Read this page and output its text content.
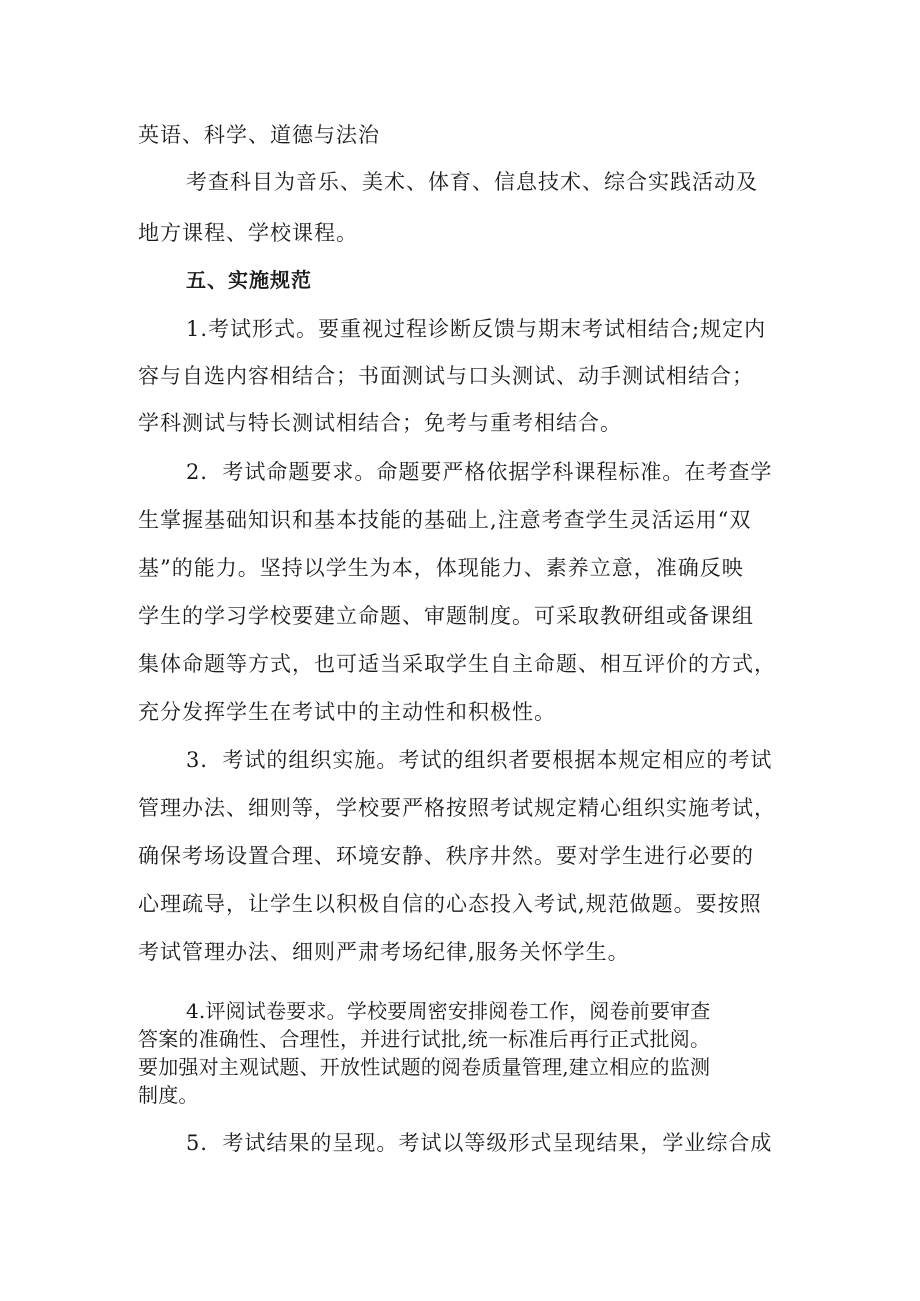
英语、科学、道德与法治
考查科目为音乐、美术、体育、信息技术、综合实践活动及
地方课程、学校课程。
五、实施规范
1.考试形式。要重视过程诊断反馈与期末考试相结合;规定内
容与自选内容相结合；书面测试与口头测试、动手测试相结合；
学科测试与特长测试相结合；免考与重考相结合。
2．考试命题要求。命题要严格依据学科课程标准。在考查学
生掌握基础知识和基本技能的基础上,注意考查学生灵活运用“双
基”的能力。坚持以学生为本，体现能力、素养立意，准确反映
学生的学习学校要建立命题、审题制度。可采取教研组或备课组
集体命题等方式，也可适当采取学生自主命题、相互评价的方式，
充分发挥学生在考试中的主动性和积极性。
3．考试的组织实施。考试的组织者要根据本规定相应的考试
管理办法、细则等，学校要严格按照考试规定精心组织实施考试，
确保考场设置合理、环境安静、秩序井然。要对学生进行必要的
心理疏导，让学生以积极自信的心态投入考试,规范做题。要按照
考试管理办法、细则严肃考场纪律,服务关怀学生。
4.评阅试卷要求。学校要周密安排阅卷工作，阅卷前要审查
答案的准确性、合理性，并进行试批,统一标准后再行正式批阅。
要加强对主观试题、开放性试题的阅卷质量管理,建立相应的监测
制度。
5．考试结果的呈现。考试以等级形式呈现结果，学业综合成
